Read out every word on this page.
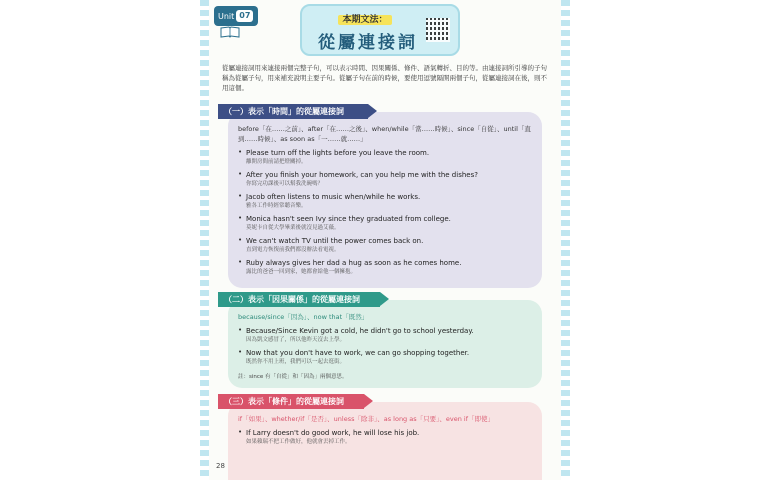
Unit 07	本期文法：
從屬連接詞
從屬連接詞用來連接兩個完整子句，可以表示時間、因果關係、條件、語氣轉折、目的等。由連接詞所引導的子句稱為從屬子句，用來補充說明主要子句。從屬子句在前的時候，要使用逗號隔開兩個子句，從屬連接詞在後，則不用這個。
before「在……之前」、after「在……之後」、when/while「當……時候」、since「自從」、until「直到……時候」、as soon as「一……就……」
• Please turn off the lights before you leave the room.
離開房間前請把燈關掉。
• After you finish your homework, can you help me with the dishes?
你寫完功課後可以幫我洗碗嗎？
• Jacob often listens to music when/while he works.
雅各工作時經常聽音樂。
• Monica hasn't seen Ivy since they graduated from college.
莫妮卡自從大學畢業後就沒見過艾薇。
• We can't watch TV until the power comes back on.
直到電力恢復前我們都沒辦法看電視。
• Ruby always gives her dad a hug as soon as he comes home.
露比的爸爸一回到家，她都會給他一個擁抱。
（一）表示「時間」的從屬連接詞
because/since「因為」、now that「既然」
• Because/Since Kevin got a cold, he didn't go to school yesterday.
因為凱文感冒了，所以他昨天沒去上學。
• Now that you don't have to work, we can go shopping together.
既然你不用上班，我們可以一起去逛街。
註：since 有「自從」和「因為」兩個意思。
（二）表示「因果關係」的從屬連接詞
if「如果」、whether/if「是否」、unless「除非」、as long as「只要」、even if「即使」
• If Larry doesn't do good work, he will lose his job.
如果賴瑞不把工作做好，他就會丟掉工作。
（三）表示「條件」的從屬連接詞
28
